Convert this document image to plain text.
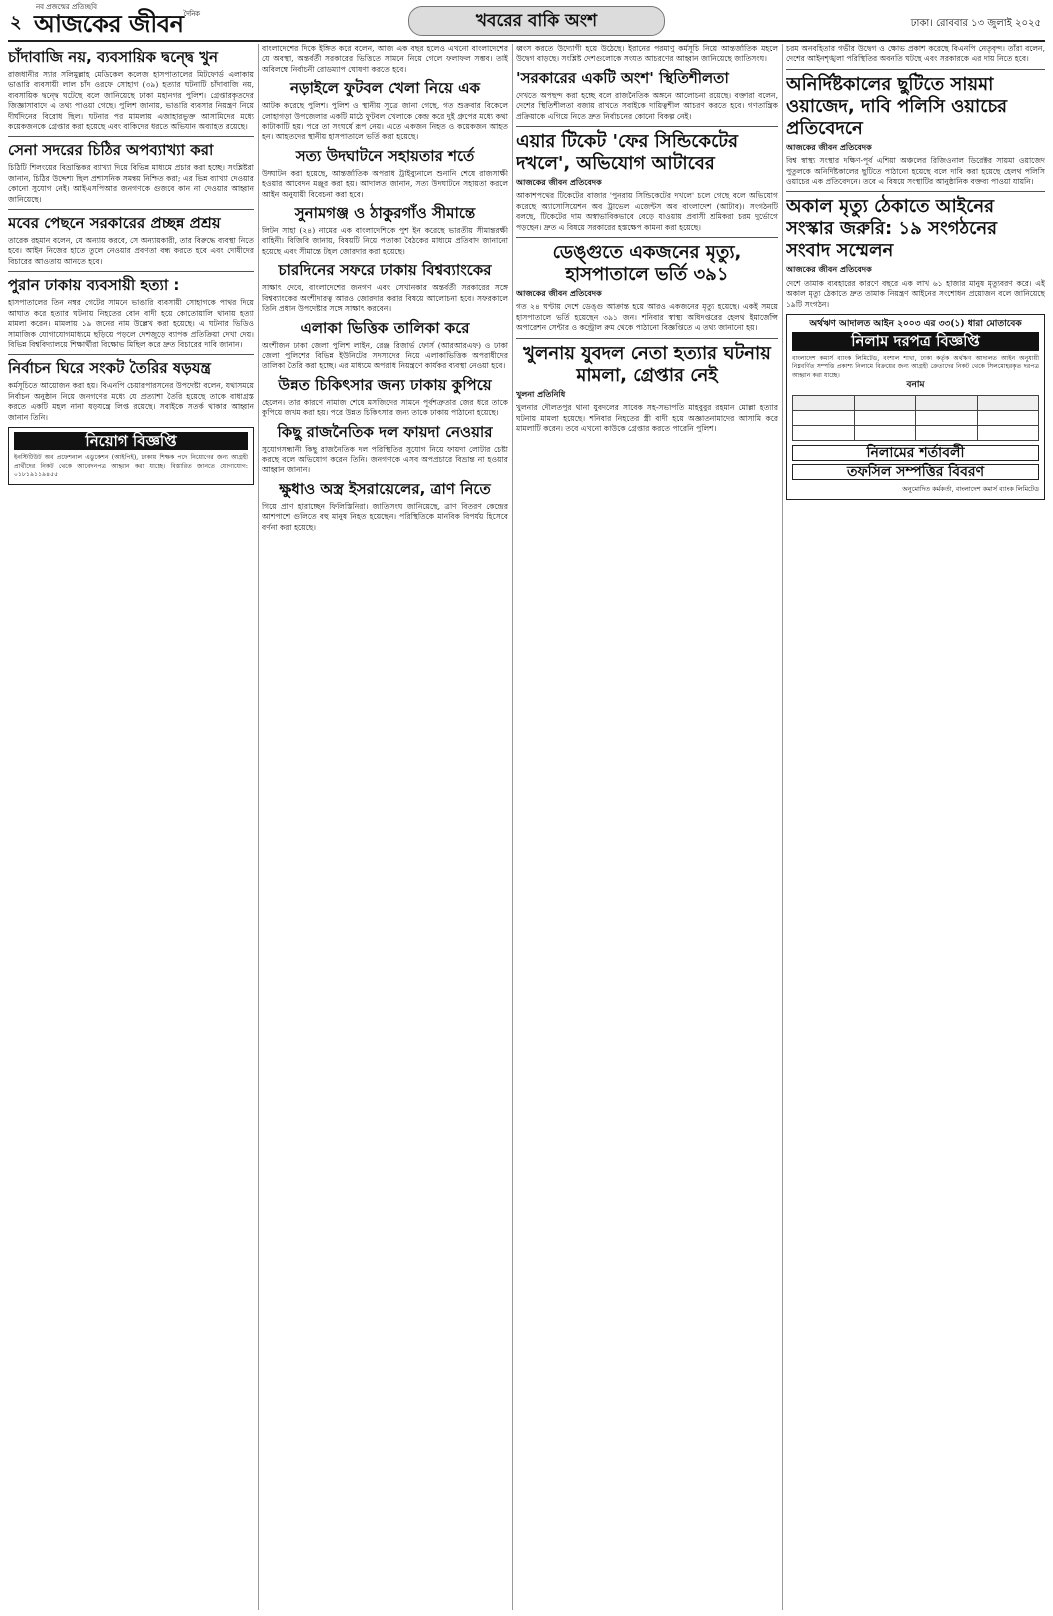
২
নব প্রজন্মের প্রতিচ্ছবি
আজকের জীবন দৈনিক	খবরের বাকি অংশ	ঢাকা। রোববার ১৩ জুলাই ২০২৫
চাঁদাবাজি নয়, ব্যবসায়িক দ্বন্দ্বে খুন

রাজধানীর স্যার সলিমুল্লাহ মেডিকেল কলেজ হাসপাতালের মিটফোর্ড এলাকায় ভাঙারি ব্যবসায়ী লাল চাঁদ ওরফে সোহাগ (৩৯) হত্যার ঘটনাটি চাঁদাবাজি নয়, ব্যবসায়িক দ্বন্দ্বে ঘটেছে বলে জানিয়েছে ঢাকা মহানগর পুলিশ। গ্রেপ্তারকৃতদের জিজ্ঞাসাবাদে এ তথ্য পাওয়া গেছে। পুলিশ জানায়, ভাঙারি ব্যবসার নিয়ন্ত্রণ নিয়ে দীর্ঘদিনের বিরোধ ছিল। ঘটনার পর মামলায় এজাহারভুক্ত আসামিদের মধ্যে কয়েকজনকে গ্রেপ্তার করা হয়েছে এবং বাকিদের ধরতে অভিযান অব্যাহত রয়েছে।

সেনা সদরের চিঠির অপব্যাখ্যা করা

চিঠিটি শিলংয়ের বিভ্রান্তিকর ব্যাখ্যা দিয়ে বিভিন্ন মাধ্যমে প্রচার করা হচ্ছে। সংশ্লিষ্টরা জানান, চিঠির উদ্দেশ্য ছিল প্রশাসনিক সমন্বয় নিশ্চিত করা; এর ভিন্ন ব্যাখ্যা দেওয়ার কোনো সুযোগ নেই। আইএসপিআর জনগণকে গুজবে কান না দেওয়ার আহ্বান জানিয়েছে।

মবের পেছনে সরকারের প্রচ্ছন্ন প্রশ্রয়

তারেক রহমান বলেন, যে অন্যায় করবে, সে অন্যায়কারী, তার বিরুদ্ধে ব্যবস্থা নিতে হবে। আইন নিজের হাতে তুলে নেওয়ার প্রবণতা বন্ধ করতে হবে এবং দোষীদের বিচারের আওতায় আনতে হবে।

পুরান ঢাকায় ব্যবসায়ী হত্যা :

হাসপাতালের তিন নম্বর গেটের সামনে ভাঙারি ব্যবসায়ী সোহাগকে পাথর দিয়ে আঘাত করে হত্যার ঘটনায় নিহতের বোন বাদী হয়ে কোতোয়ালি থানায় হত্যা মামলা করেন। মামলায় ১৯ জনের নাম উল্লেখ করা হয়েছে। এ ঘটনার ভিডিও সামাজিক যোগাযোগমাধ্যমে ছড়িয়ে পড়লে দেশজুড়ে ব্যাপক প্রতিক্রিয়া দেখা দেয়। বিভিন্ন বিশ্ববিদ্যালয়ে শিক্ষার্থীরা বিক্ষোভ মিছিল করে দ্রুত বিচারের দাবি জানান।

নির্বাচন ঘিরে সংকট তৈরির ষড়যন্ত্র

কর্মসূচিতে আয়োজন করা হয়। বিএনপি চেয়ারপারসনের উপদেষ্টা বলেন, যথাসময়ে নির্বাচন অনুষ্ঠান নিয়ে জনগণের মধ্যে যে প্রত্যাশা তৈরি হয়েছে তাকে বাধাগ্রস্ত করতে একটি মহল নানা ষড়যন্ত্রে লিপ্ত রয়েছে। সবাইকে সতর্ক থাকার আহ্বান জানান তিনি।

নিয়োগ বিজ্ঞপ্তি
ইনস্টিটিউট অব প্রফেশনাল এডুকেশন (আইপিই), ঢাকায় শিক্ষক পদে নিয়োগের জন্য আগ্রহী প্রার্থীদের নিকট থেকে আবেদনপত্র আহ্বান করা যাচ্ছে। বিস্তারিত জানতে যোগাযোগ: ০১৮১৯১১৯৪৫৫

বাংলাদেশের দিকে ইঙ্গিত করে বলেন, আজ এক বছর হলেও এখনো বাংলাদেশের যে অবস্থা, অন্তর্বর্তী সরকারের ভিত্তিতে সামনে নিয়ে গেলে ফলাফল সম্ভব। তাই অবিলম্বে নির্বাচনী রোডম্যাপ ঘোষণা করতে হবে।

নড়াইলে ফুটবল খেলা নিয়ে এক

আটক করেছে পুলিশ। পুলিশ ও স্থানীয় সূত্রে জানা গেছে, গত শুক্রবার বিকেলে লোহাগড়া উপজেলার একটি মাঠে ফুটবল খেলাকে কেন্দ্র করে দুই গ্রুপের মধ্যে কথা কাটাকাটি হয়। পরে তা সংঘর্ষে রূপ নেয়। এতে একজন নিহত ও কয়েকজন আহত হন। আহতদের স্থানীয় হাসপাতালে ভর্তি করা হয়েছে।

সত্য উদঘাটনে সহায়তার শর্তে

উদ্ঘাটন করা হয়েছে, আন্তর্জাতিক অপরাধ ট্রাইব্যুনালে শুনানি শেষে রাজসাক্ষী হওয়ার আবেদন মঞ্জুর করা হয়। আদালত জানান, সত্য উদঘাটনে সহায়তা করলে আইন অনুযায়ী বিবেচনা করা হবে।

সুনামগঞ্জ ও ঠাকুরগাঁও সীমান্তে

লিটন সাহা (২৪) নামের এক বাংলাদেশিকে পুশ ইন করেছে ভারতীয় সীমান্তরক্ষী বাহিনী। বিজিবি জানায়, বিষয়টি নিয়ে পতাকা বৈঠকের মাধ্যমে প্রতিবাদ জানানো হয়েছে এবং সীমান্তে টহল জোরদার করা হয়েছে।

চারদিনের সফরে ঢাকায় বিশ্বব্যাংকের

সাক্ষাৎ দেবে, বাংলাদেশের জনগণ এবং সেখানকার অন্তর্বর্তী সরকারের সঙ্গে বিশ্বব্যাংকের অংশীদারত্ব আরও জোরদার করার বিষয়ে আলোচনা হবে। সফরকালে তিনি প্রধান উপদেষ্টার সঙ্গে সাক্ষাৎ করবেন।

এলাকা ভিত্তিক তালিকা করে

অংশীজন ঢাকা জেলা পুলিশ লাইন, রেঞ্জ রিজার্ভ ফোর্স (আরআরএফ) ও ঢাকা জেলা পুলিশের বিভিন্ন ইউনিটের সদস্যদের নিয়ে এলাকাভিত্তিক অপরাধীদের তালিকা তৈরি করা হচ্ছে। এর মাধ্যমে অপরাধ নিয়ন্ত্রণে কার্যকর ব্যবস্থা নেওয়া হবে।

উন্নত চিকিৎসার জন্য ঢাকায় কুপিয়ে

হেলেন। তার কারণে নামাজ শেষে মসজিদের সামনে পূর্বশত্রুতার জের ধরে তাকে কুপিয়ে জখম করা হয়। পরে উন্নত চিকিৎসার জন্য তাকে ঢাকায় পাঠানো হয়েছে।

কিছু রাজনৈতিক দল ফায়দা নেওয়ার

সুযোগসন্ধানী কিছু রাজনৈতিক দল পরিস্থিতির সুযোগ নিয়ে ফায়দা লোটার চেষ্টা করছে বলে অভিযোগ করেন তিনি। জনগণকে এসব অপপ্রচারে বিভ্রান্ত না হওয়ার আহ্বান জানান।

ক্ষুধাও অস্ত্র ইসরায়েলের, ত্রাণ নিতে

গিয়ে প্রাণ হারাচ্ছেন ফিলিস্তিনিরা। জাতিসংঘ জানিয়েছে, ত্রাণ বিতরণ কেন্দ্রের আশপাশে গুলিতে বহু মানুষ নিহত হয়েছেন। পরিস্থিতিকে মানবিক বিপর্যয় হিসেবে বর্ণনা করা হয়েছে।

ধ্বংস করতে উদ্যোগী হয়ে উঠেছে। ইরানের পরমাণু কর্মসূচি নিয়ে আন্তর্জাতিক মহলে উদ্বেগ বাড়ছে। সংশ্লিষ্ট দেশগুলোকে সংযত আচরণের আহ্বান জানিয়েছে জাতিসংঘ।

'সরকারের একটি অংশ' স্থিতিশীলতা

দেখতে অপছন্দ করা হচ্ছে বলে রাজনৈতিক অঙ্গনে আলোচনা রয়েছে। বক্তারা বলেন, দেশের স্থিতিশীলতা বজায় রাখতে সবাইকে দায়িত্বশীল আচরণ করতে হবে। গণতান্ত্রিক প্রক্রিয়াকে এগিয়ে নিতে দ্রুত নির্বাচনের কোনো বিকল্প নেই।

এয়ার টিকেট 'ফের সিন্ডিকেটের দখলে', অভিযোগ আটাবের
আজকের জীবন প্রতিবেদক

আকাশপথের টিকেটের বাজার 'পুনরায় সিন্ডিকেটের দখলে' চলে গেছে বলে অভিযোগ করেছে অ্যাসোসিয়েশন অব ট্রাভেল এজেন্টস অব বাংলাদেশ (আটাব)। সংগঠনটি বলছে, টিকেটের দাম অস্বাভাবিকভাবে বেড়ে যাওয়ায় প্রবাসী শ্রমিকরা চরম দুর্ভোগে পড়ছেন। দ্রুত এ বিষয়ে সরকারের হস্তক্ষেপ কামনা করা হয়েছে।

ডেঙ্গুতে একজনের মৃত্যু, হাসপাতালে ভর্তি ৩৯১
আজকের জীবন প্রতিবেদক

গত ২৪ ঘণ্টায় দেশে ডেঙ্গু আক্রান্ত হয়ে আরও একজনের মৃত্যু হয়েছে। একই সময়ে হাসপাতালে ভর্তি হয়েছেন ৩৯১ জন। শনিবার স্বাস্থ্য অধিদপ্তরের হেলথ ইমার্জেন্সি অপারেশন সেন্টার ও কন্ট্রোল রুম থেকে পাঠানো বিজ্ঞপ্তিতে এ তথ্য জানানো হয়।

খুলনায় যুবদল নেতা হত্যার ঘটনায় মামলা, গ্রেপ্তার নেই
খুলনা প্রতিনিধি

খুলনার দৌলতপুর থানা যুবদলের সাবেক সহ-সভাপতি মাহবুবুর রহমান মোল্লা হত্যার ঘটনায় মামলা হয়েছে। শনিবার নিহতের স্ত্রী বাদী হয়ে অজ্ঞাতনামাদের আসামি করে মামলাটি করেন। তবে এখনো কাউকে গ্রেপ্তার করতে পারেনি পুলিশ।

চরম অনবহিতার গভীর উদ্বেগ ও ক্ষোভ প্রকাশ করেছে বিএনপি নেতৃবৃন্দ। তাঁরা বলেন, দেশের আইনশৃঙ্খলা পরিস্থিতির অবনতি ঘটছে এবং সরকারকে এর দায় নিতে হবে।

অনির্দিষ্টকালের ছুটিতে সায়মা ওয়াজেদ, দাবি পলিসি ওয়াচের প্রতিবেদনে
আজকের জীবন প্রতিবেদক

বিশ্ব স্বাস্থ্য সংস্থার দক্ষিণ-পূর্ব এশিয়া অঞ্চলের রিজিওনাল ডিরেক্টর সায়মা ওয়াজেদ পুতুলকে অনির্দিষ্টকালের ছুটিতে পাঠানো হয়েছে বলে দাবি করা হয়েছে হেলথ পলিসি ওয়াচের এক প্রতিবেদনে। তবে এ বিষয়ে সংস্থাটির আনুষ্ঠানিক বক্তব্য পাওয়া যায়নি।

অকাল মৃত্যু ঠেকাতে আইনের সংস্কার জরুরি: ১৯ সংগঠনের সংবাদ সম্মেলন
আজকের জীবন প্রতিবেদক

দেশে তামাক ব্যবহারের কারণে বছরে এক লাখ ৬১ হাজার মানুষ মৃত্যুবরণ করে। এই অকাল মৃত্যু ঠেকাতে দ্রুত তামাক নিয়ন্ত্রণ আইনের সংশোধন প্রয়োজন বলে জানিয়েছে ১৯টি সংগঠন।

অর্থঋণ আদালত আইন ২০০৩ এর ৩৩(১) ধারা মোতাবেক
নিলাম দরপত্র বিজ্ঞপ্তি
বাংলাদেশ কমার্স ব্যাংক লিমিটেড, বংশাল শাখা, ঢাকা কর্তৃক অর্থঋণ আদালত আইন অনুযায়ী নিম্নবর্ণিত সম্পত্তি প্রকাশ্য নিলামে বিক্রয়ের জন্য আগ্রহী ক্রেতাদের নিকট থেকে সিলমোহরকৃত দরপত্র আহ্বান করা যাচ্ছে।
বনাম

নিলামের শর্তাবলী
তফসিল সম্পত্তির বিবরণ
অনুমোদিত কর্মকর্তা, বাংলাদেশ কমার্স ব্যাংক লিমিটেড
